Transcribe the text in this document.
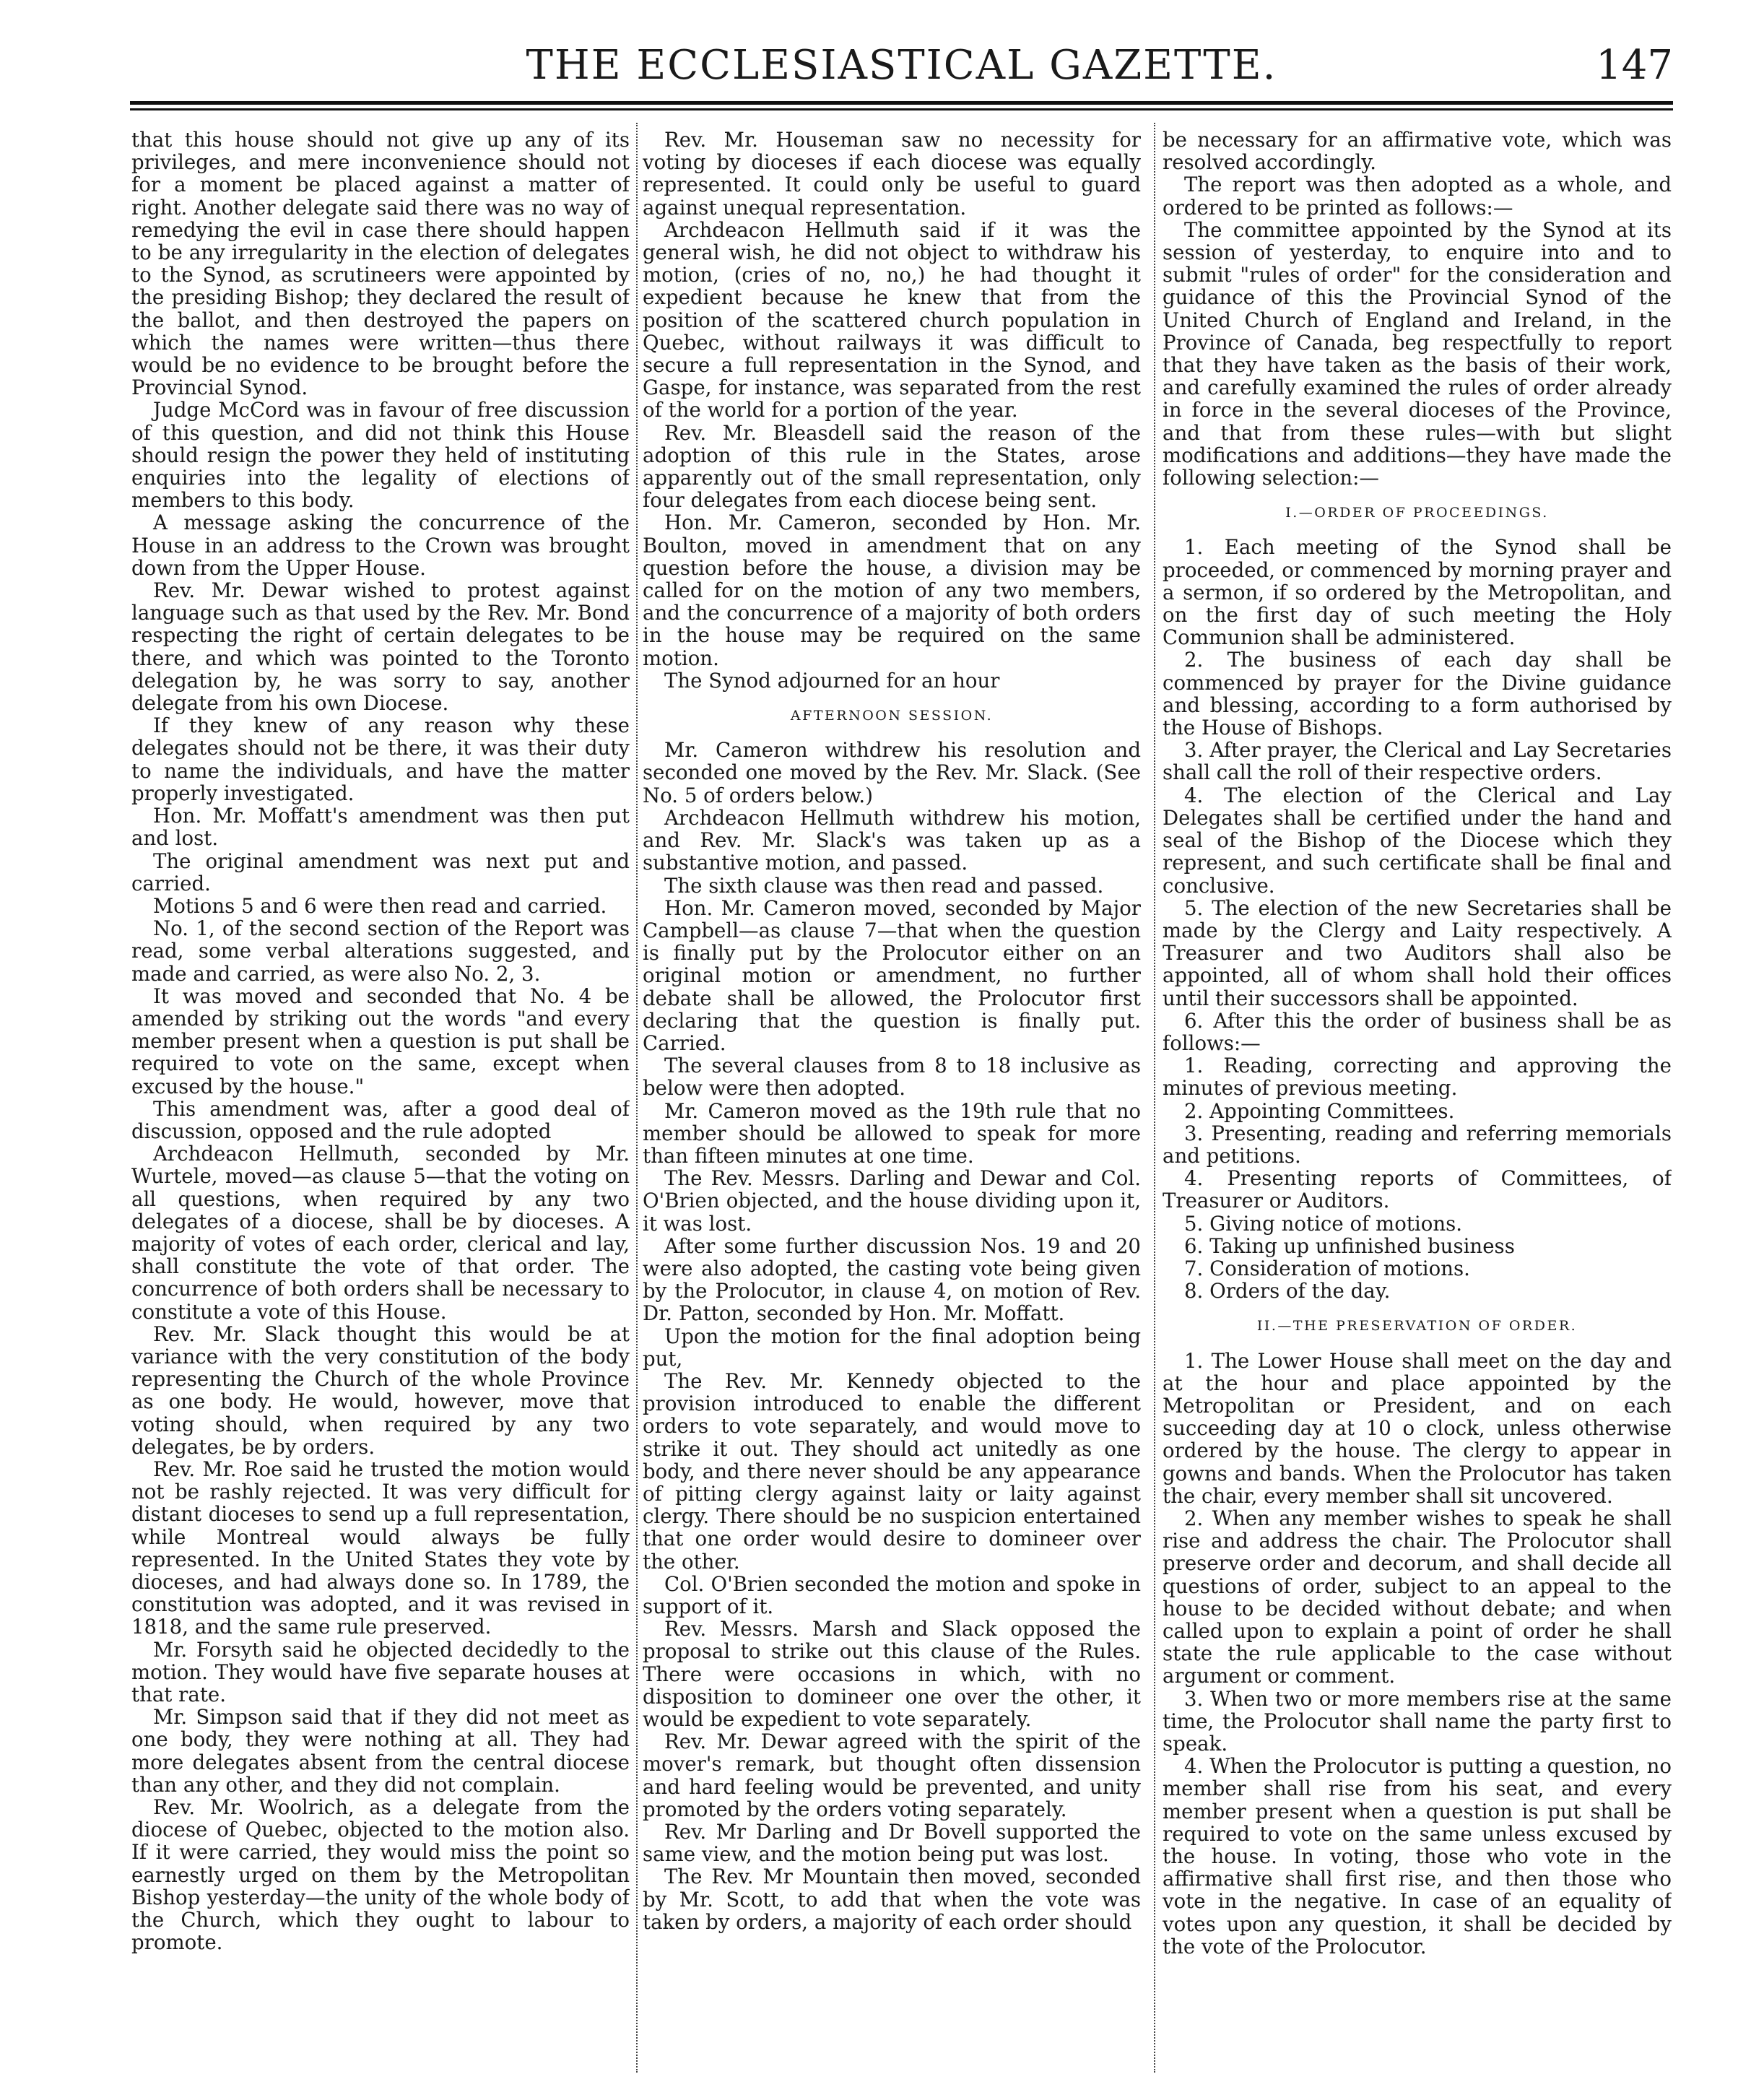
THE ECCLESIASTICAL GAZETTE.	147

that this house should not give up any of its privileges, and mere inconvenience should not for a moment be placed against a matter of right. Another delegate said there was no way of remedying the evil in case there should happen to be any irregularity in the election of delegates to the Synod, as scrutineers were appointed by the presiding Bishop; they declared the result of the ballot, and then destroyed the papers on which the names were written—thus there would be no evidence to be brought before the Provincial Synod.

Judge McCord was in favour of free discussion of this question, and did not think this House should resign the power they held of instituting enquiries into the legality of elections of members to this body.

A message asking the concurrence of the House in an address to the Crown was brought down from the Upper House.

Rev. Mr. Dewar wished to protest against language such as that used by the Rev. Mr. Bond respecting the right of certain delegates to be there, and which was pointed to the Toronto delegation by, he was sorry to say, another delegate from his own Diocese.

If they knew of any reason why these delegates should not be there, it was their duty to name the individuals, and have the matter properly investigated.

Hon. Mr. Moffatt's amendment was then put and lost.

The original amendment was next put and carried.

Motions 5 and 6 were then read and carried.

No. 1, of the second section of the Report was read, some verbal alterations suggested, and made and carried, as were also No. 2, 3.

It was moved and seconded that No. 4 be amended by striking out the words "and every member present when a question is put shall be required to vote on the same, except when excused by the house."

This amendment was, after a good deal of discussion, opposed and the rule adopted

Archdeacon Hellmuth, seconded by Mr. Wurtele, moved—as clause 5—that the voting on all questions, when required by any two delegates of a diocese, shall be by dioceses. A majority of votes of each order, clerical and lay, shall constitute the vote of that order. The concurrence of both orders shall be necessary to constitute a vote of this House.

Rev. Mr. Slack thought this would be at variance with the very constitution of the body representing the Church of the whole Province as one body. He would, however, move that voting should, when required by any two delegates, be by orders.

Rev. Mr. Roe said he trusted the motion would not be rashly rejected. It was very difficult for distant dioceses to send up a full representation, while Montreal would always be fully represented. In the United States they vote by dioceses, and had always done so. In 1789, the constitution was adopted, and it was revised in 1818, and the same rule preserved.

Mr. Forsyth said he objected decidedly to the motion. They would have five separate houses at that rate.

Mr. Simpson said that if they did not meet as one body, they were nothing at all. They had more delegates absent from the central diocese than any other, and they did not complain.

Rev. Mr. Woolrich, as a delegate from the diocese of Quebec, objected to the motion also. If it were carried, they would miss the point so earnestly urged on them by the Metropolitan Bishop yesterday—the unity of the whole body of the Church, which they ought to labour to promote.

Rev. Mr. Houseman saw no necessity for voting by dioceses if each diocese was equally represented. It could only be useful to guard against unequal representation.

Archdeacon Hellmuth said if it was the general wish, he did not object to withdraw his motion, (cries of no, no,) he had thought it expedient because he knew that from the position of the scattered church population in Quebec, without railways it was difficult to secure a full representation in the Synod, and Gaspe, for instance, was separated from the rest of the world for a portion of the year.

Rev. Mr. Bleasdell said the reason of the adoption of this rule in the States, arose apparently out of the small representation, only four delegates from each diocese being sent.

Hon. Mr. Cameron, seconded by Hon. Mr. Boulton, moved in amendment that on any question before the house, a division may be called for on the motion of any two members, and the concurrence of a majority of both orders in the house may be required on the same motion.

The Synod adjourned for an hour

AFTERNOON SESSION.

Mr. Cameron withdrew his resolution and seconded one moved by the Rev. Mr. Slack. (See No. 5 of orders below.)

Archdeacon Hellmuth withdrew his motion, and Rev. Mr. Slack's was taken up as a substantive motion, and passed.

The sixth clause was then read and passed.

Hon. Mr. Cameron moved, seconded by Major Campbell—as clause 7—that when the question is finally put by the Prolocutor either on an original motion or amendment, no further debate shall be allowed, the Prolocutor first declaring that the question is finally put. Carried.

The several clauses from 8 to 18 inclusive as below were then adopted.

Mr. Cameron moved as the 19th rule that no member should be allowed to speak for more than fifteen minutes at one time.

The Rev. Messrs. Darling and Dewar and Col. O'Brien objected, and the house dividing upon it, it was lost.

After some further discussion Nos. 19 and 20 were also adopted, the casting vote being given by the Prolocutor, in clause 4, on motion of Rev. Dr. Patton, seconded by Hon. Mr. Moffatt.

Upon the motion for the final adoption being put,

The Rev. Mr. Kennedy objected to the provision introduced to enable the different orders to vote separately, and would move to strike it out. They should act unitedly as one body, and there never should be any appearance of pitting clergy against laity or laity against clergy. There should be no suspicion entertained that one order would desire to domineer over the other.

Col. O'Brien seconded the motion and spoke in support of it.

Rev. Messrs. Marsh and Slack opposed the proposal to strike out this clause of the Rules. There were occasions in which, with no disposition to domineer one over the other, it would be expedient to vote separately.

Rev. Mr. Dewar agreed with the spirit of the mover's remark, but thought often dissension and hard feeling would be prevented, and unity promoted by the orders voting separately.

Rev. Mr Darling and Dr Bovell supported the same view, and the motion being put was lost.

The Rev. Mr Mountain then moved, seconded by Mr. Scott, to add that when the vote was taken by orders, a majority of each order should

be necessary for an affirmative vote, which was resolved accordingly.

The report was then adopted as a whole, and ordered to be printed as follows:—

The committee appointed by the Synod at its session of yesterday, to enquire into and to submit "rules of order" for the consideration and guidance of this the Provincial Synod of the United Church of England and Ireland, in the Province of Canada, beg respectfully to report that they have taken as the basis of their work, and carefully examined the rules of order already in force in the several dioceses of the Province, and that from these rules—with but slight modifications and additions—they have made the following selection:—

I.—ORDER OF PROCEEDINGS.

1. Each meeting of the Synod shall be proceeded, or commenced by morning prayer and a sermon, if so ordered by the Metropolitan, and on the first day of such meeting the Holy Communion shall be administered.

2. The business of each day shall be commenced by prayer for the Divine guidance and blessing, according to a form authorised by the House of Bishops.

3. After prayer, the Clerical and Lay Secretaries shall call the roll of their respective orders.

4. The election of the Clerical and Lay Delegates shall be certified under the hand and seal of the Bishop of the Diocese which they represent, and such certificate shall be final and conclusive.

5. The election of the new Secretaries shall be made by the Clergy and Laity respectively. A Treasurer and two Auditors shall also be appointed, all of whom shall hold their offices until their successors shall be appointed.

6. After this the order of business shall be as follows:—

1. Reading, correcting and approving the minutes of previous meeting.

2. Appointing Committees.

3. Presenting, reading and referring memorials and petitions.

4. Presenting reports of Committees, of Treasurer or Auditors.

5. Giving notice of motions.

6. Taking up unfinished business

7. Consideration of motions.

8. Orders of the day.

II.—THE PRESERVATION OF ORDER.

1. The Lower House shall meet on the day and at the hour and place appointed by the Metropolitan or President, and on each succeeding day at 10 o clock, unless otherwise ordered by the house. The clergy to appear in gowns and bands. When the Prolocutor has taken the chair, every member shall sit uncovered.

2. When any member wishes to speak he shall rise and address the chair. The Prolocutor shall preserve order and decorum, and shall decide all questions of order, subject to an appeal to the house to be decided without debate; and when called upon to explain a point of order he shall state the rule applicable to the case without argument or comment.

3. When two or more members rise at the same time, the Prolocutor shall name the party first to speak.

4. When the Prolocutor is putting a question, no member shall rise from his seat, and every member present when a question is put shall be required to vote on the same unless excused by the house. In voting, those who vote in the affirmative shall first rise, and then those who vote in the negative. In case of an equality of votes upon any question, it shall be decided by the vote of the Prolocutor.
